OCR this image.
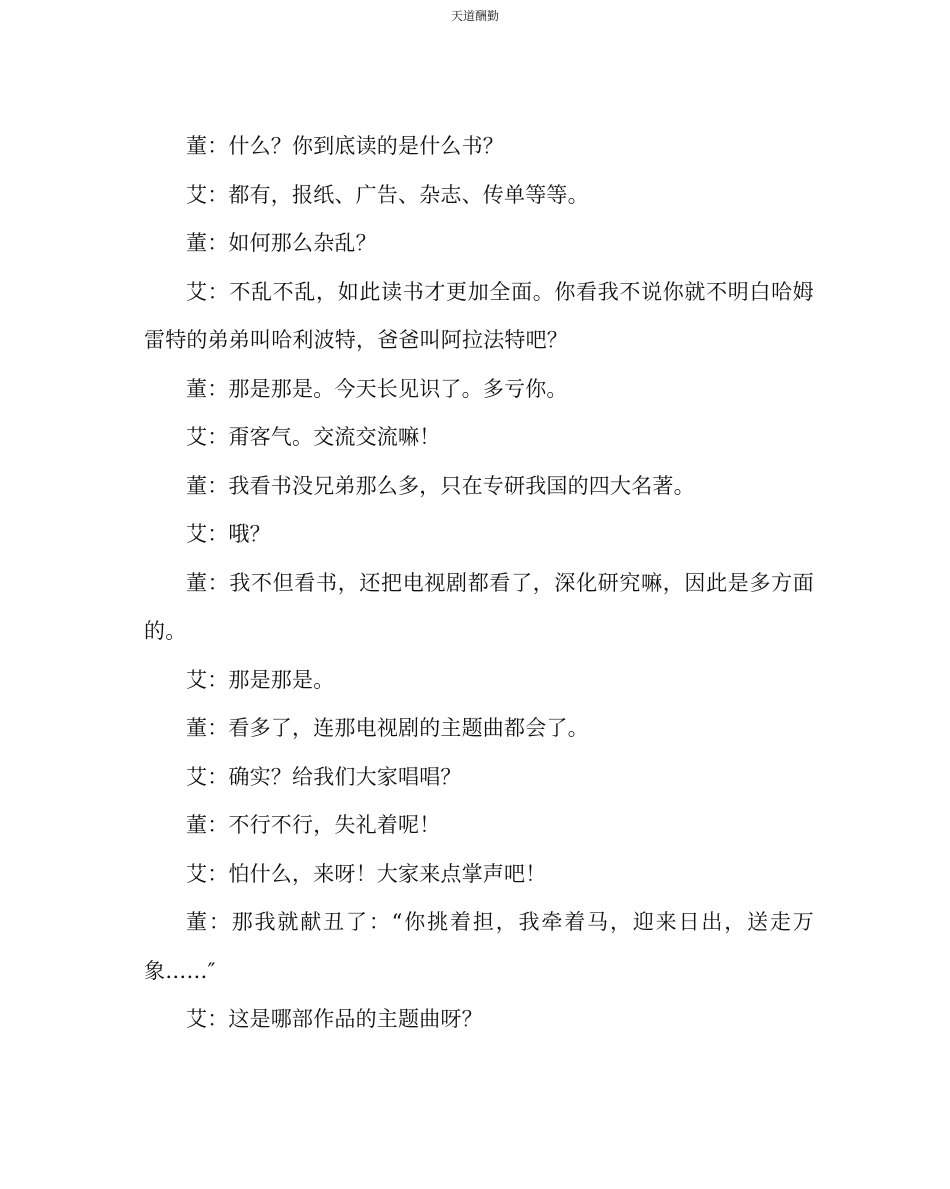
天道酬勤

董：什么？你到底读的是什么书？

艾：都有，报纸、广告、杂志、传单等等。

董：如何那么杂乱？

艾：不乱不乱，如此读书才更加全面。你看我不说你就不明白哈姆雷特的弟弟叫哈利波特，爸爸叫阿拉法特吧？

董：那是那是。今天长见识了。多亏你。

艾：甭客气。交流交流嘛！

董：我看书没兄弟那么多，只在专研我国的四大名著。

艾：哦？

董：我不但看书，还把电视剧都看了，深化研究嘛，因此是多方面的。

艾：那是那是。

董：看多了，连那电视剧的主题曲都会了。

艾：确实？给我们大家唱唱？

董：不行不行，失礼着呢！

艾：怕什么，来呀！大家来点掌声吧！

董：那我就献丑了：“你挑着担，我牵着马，迎来日出，送走万象……″

艾：这是哪部作品的主题曲呀？
